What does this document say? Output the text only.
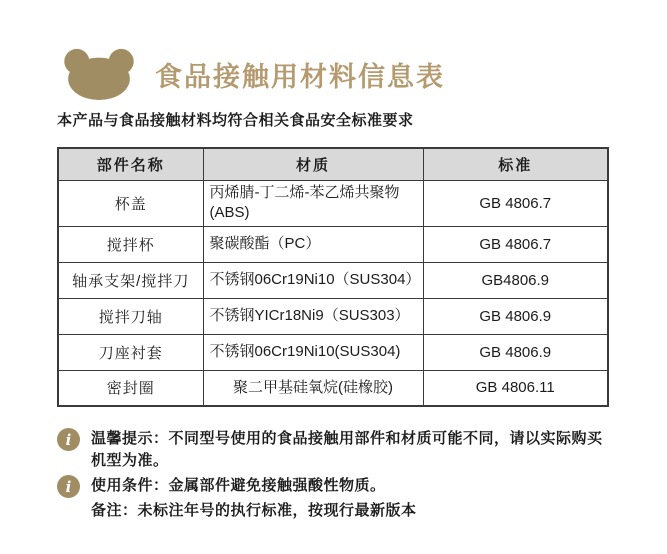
食品接触用材料信息表

本产品与食品接触材料均符合相关食品安全标准要求

部件名称	材质	标准
杯盖	丙烯腈-丁二烯-苯乙烯共聚物(ABS)	GB 4806.7
搅拌杯	聚碳酸酯（PC）	GB 4806.7
轴承支架/搅拌刀	不锈钢06Cr19Ni10（SUS304）	GB4806.9
搅拌刀轴	不锈钢YICr18Ni9（SUS303）	GB 4806.9
刀座衬套	不锈钢06Cr19Ni10(SUS304)	GB 4806.9
密封圈	聚二甲基硅氧烷(硅橡胶)	GB 4806.11
i	温馨提示：不同型号使用的食品接触用部件和材质可能不同，请以实际购买机型为准。

i	使用条件：金属部件避免接触强酸性物质。

备注：未标注年号的执行标准，按现行最新版本
